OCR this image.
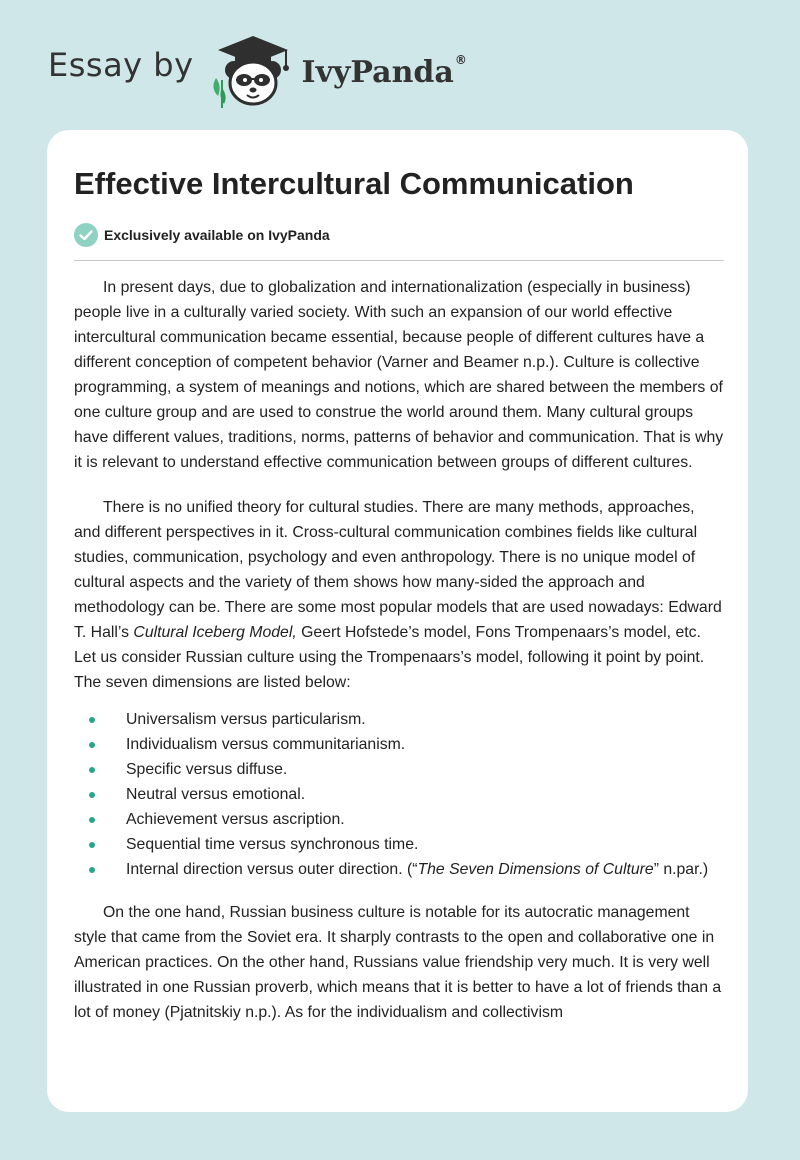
Essay by	IvyPanda®
Effective Intercultural Communication
Exclusively available on IvyPanda

In present days, due to globalization and internationalization (especially in business) people live in a culturally varied society. With such an expansion of our world effective intercultural communication became essential, because people of different cultures have a different conception of competent behavior (Varner and Beamer n.p.). Culture is collective programming, a system of meanings and notions, which are shared between the members of one culture group and are used to construe the world around them. Many cultural groups have different values, traditions, norms, patterns of behavior and communication. That is why it is relevant to understand effective communication between groups of different cultures.

There is no unified theory for cultural studies. There are many methods, approaches, and different perspectives in it. Cross-cultural communication combines fields like cultural studies, communication, psychology and even anthropology. There is no unique model of cultural aspects and the variety of them shows how many-sided the approach and methodology can be. There are some most popular models that are used nowadays: Edward T. Hall’s Cultural Iceberg Model, Geert Hofstede’s model, Fons Trompenaars’s model, etc. Let us consider Russian culture using the Trompenaars’s model, following it point by point. The seven dimensions are listed below:

Universalism versus particularism.
Individualism versus communitarianism.
Specific versus diffuse.
Neutral versus emotional.
Achievement versus ascription.
Sequential time versus synchronous time.
Internal direction versus outer direction. (“The Seven Dimensions of Culture” n.par.)

On the one hand, Russian business culture is notable for its autocratic management style that came from the Soviet era. It sharply contrasts to the open and collaborative one in American practices. On the other hand, Russians value friendship very much. It is very well illustrated in one Russian proverb, which means that it is better to have a lot of friends than a lot of money (Pjatnitskiy n.p.). As for the individualism and collectivism
